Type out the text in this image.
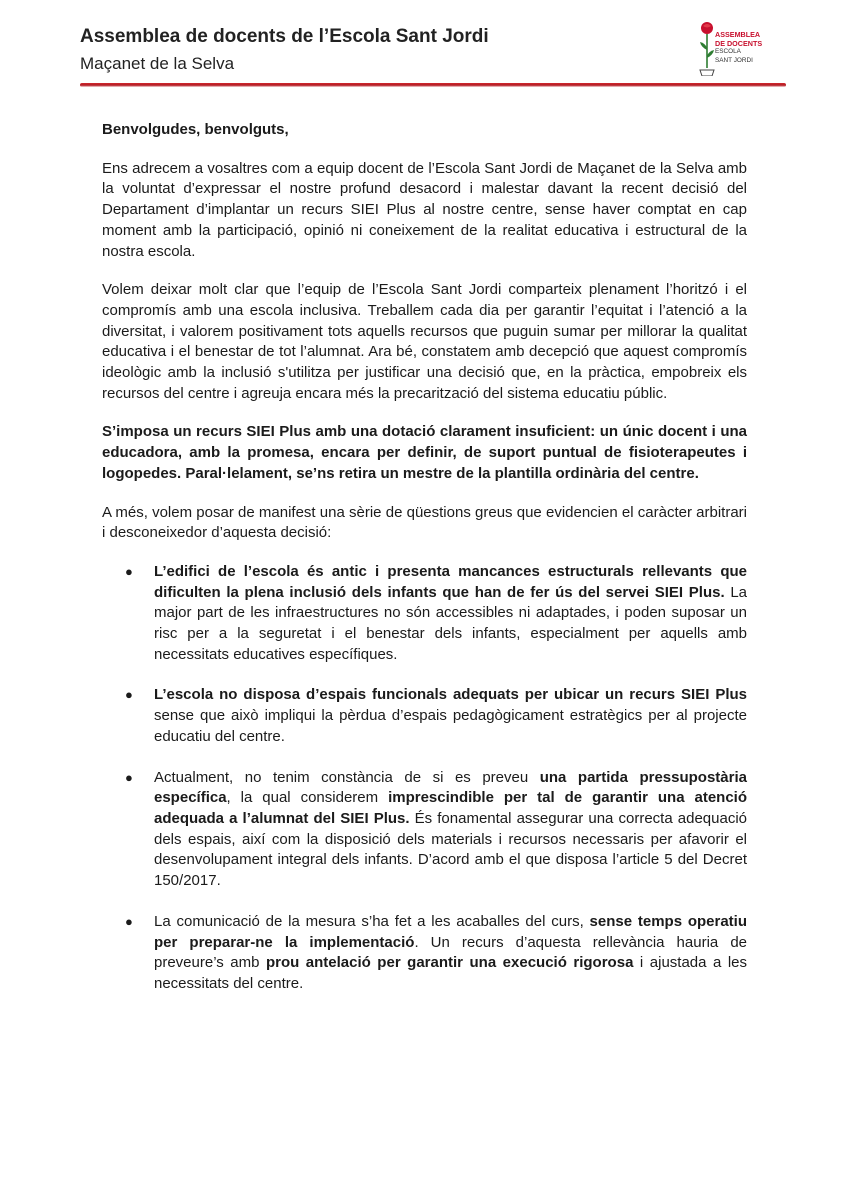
Assemblea de docents de l’Escola Sant Jordi
Maçanet de la Selva
ASSEMBLEA
DE DOCENTS
ESCOLA
SANT JORDI

Benvolgudes, benvolguts,

Ens adrecem a vosaltres com a equip docent de l’Escola Sant Jordi de Maçanet de la Selva amb la voluntat d’expressar el nostre profund desacord i malestar davant la recent decisió del Departament d’implantar un recurs SIEI Plus al nostre centre, sense haver comptat en cap moment amb la participació, opinió ni coneixement de la realitat educativa i estructural de la nostra escola.

Volem deixar molt clar que l’equip de l’Escola Sant Jordi comparteix plenament l’horitzó i el compromís amb una escola inclusiva. Treballem cada dia per garantir l’equitat i l’atenció a la diversitat, i valorem positivament tots aquells recursos que puguin sumar per millorar la qualitat educativa i el benestar de tot l’alumnat. Ara bé, constatem amb decepció que aquest compromís ideològic amb la inclusió s'utilitza per justificar una decisió que, en la pràctica, empobreix els recursos del centre i agreuja encara més la precarització del sistema educatiu públic.

S’imposa un recurs SIEI Plus amb una dotació clarament insuficient: un únic docent i una educadora, amb la promesa, encara per definir, de suport puntual de fisioterapeutes i logopedes. Paral·lelament, se’ns retira un mestre de la plantilla ordinària del centre.

A més, volem posar de manifest una sèrie de qüestions greus que evidencien el caràcter arbitrari i desconeixedor d’aquesta decisió:

● L’edifici de l’escola és antic i presenta mancances estructurals rellevants que dificulten la plena inclusió dels infants que han de fer ús del servei SIEI Plus. La major part de les infraestructures no són accessibles ni adaptades, i poden suposar un risc per a la seguretat i el benestar dels infants, especialment per aquells amb necessitats educatives específiques.
● L’escola no disposa d’espais funcionals adequats per ubicar un recurs SIEI Plus sense que això impliqui la pèrdua d’espais pedagògicament estratègics per al projecte educatiu del centre.
● Actualment, no tenim constància de si es preveu una partida pressupostària específica, la qual considerem imprescindible per tal de garantir una atenció adequada a l’alumnat del SIEI Plus. És fonamental assegurar una correcta adequació dels espais, així com la disposició dels materials i recursos necessaris per afavorir el desenvolupament integral dels infants. D’acord amb el que disposa l’article 5 del Decret 150/2017.
● La comunicació de la mesura s’ha fet a les acaballes del curs, sense temps operatiu per preparar-ne la implementació. Un recurs d’aquesta rellevància hauria de preveure’s amb prou antelació per garantir una execució rigorosa i ajustada a les necessitats del centre.
